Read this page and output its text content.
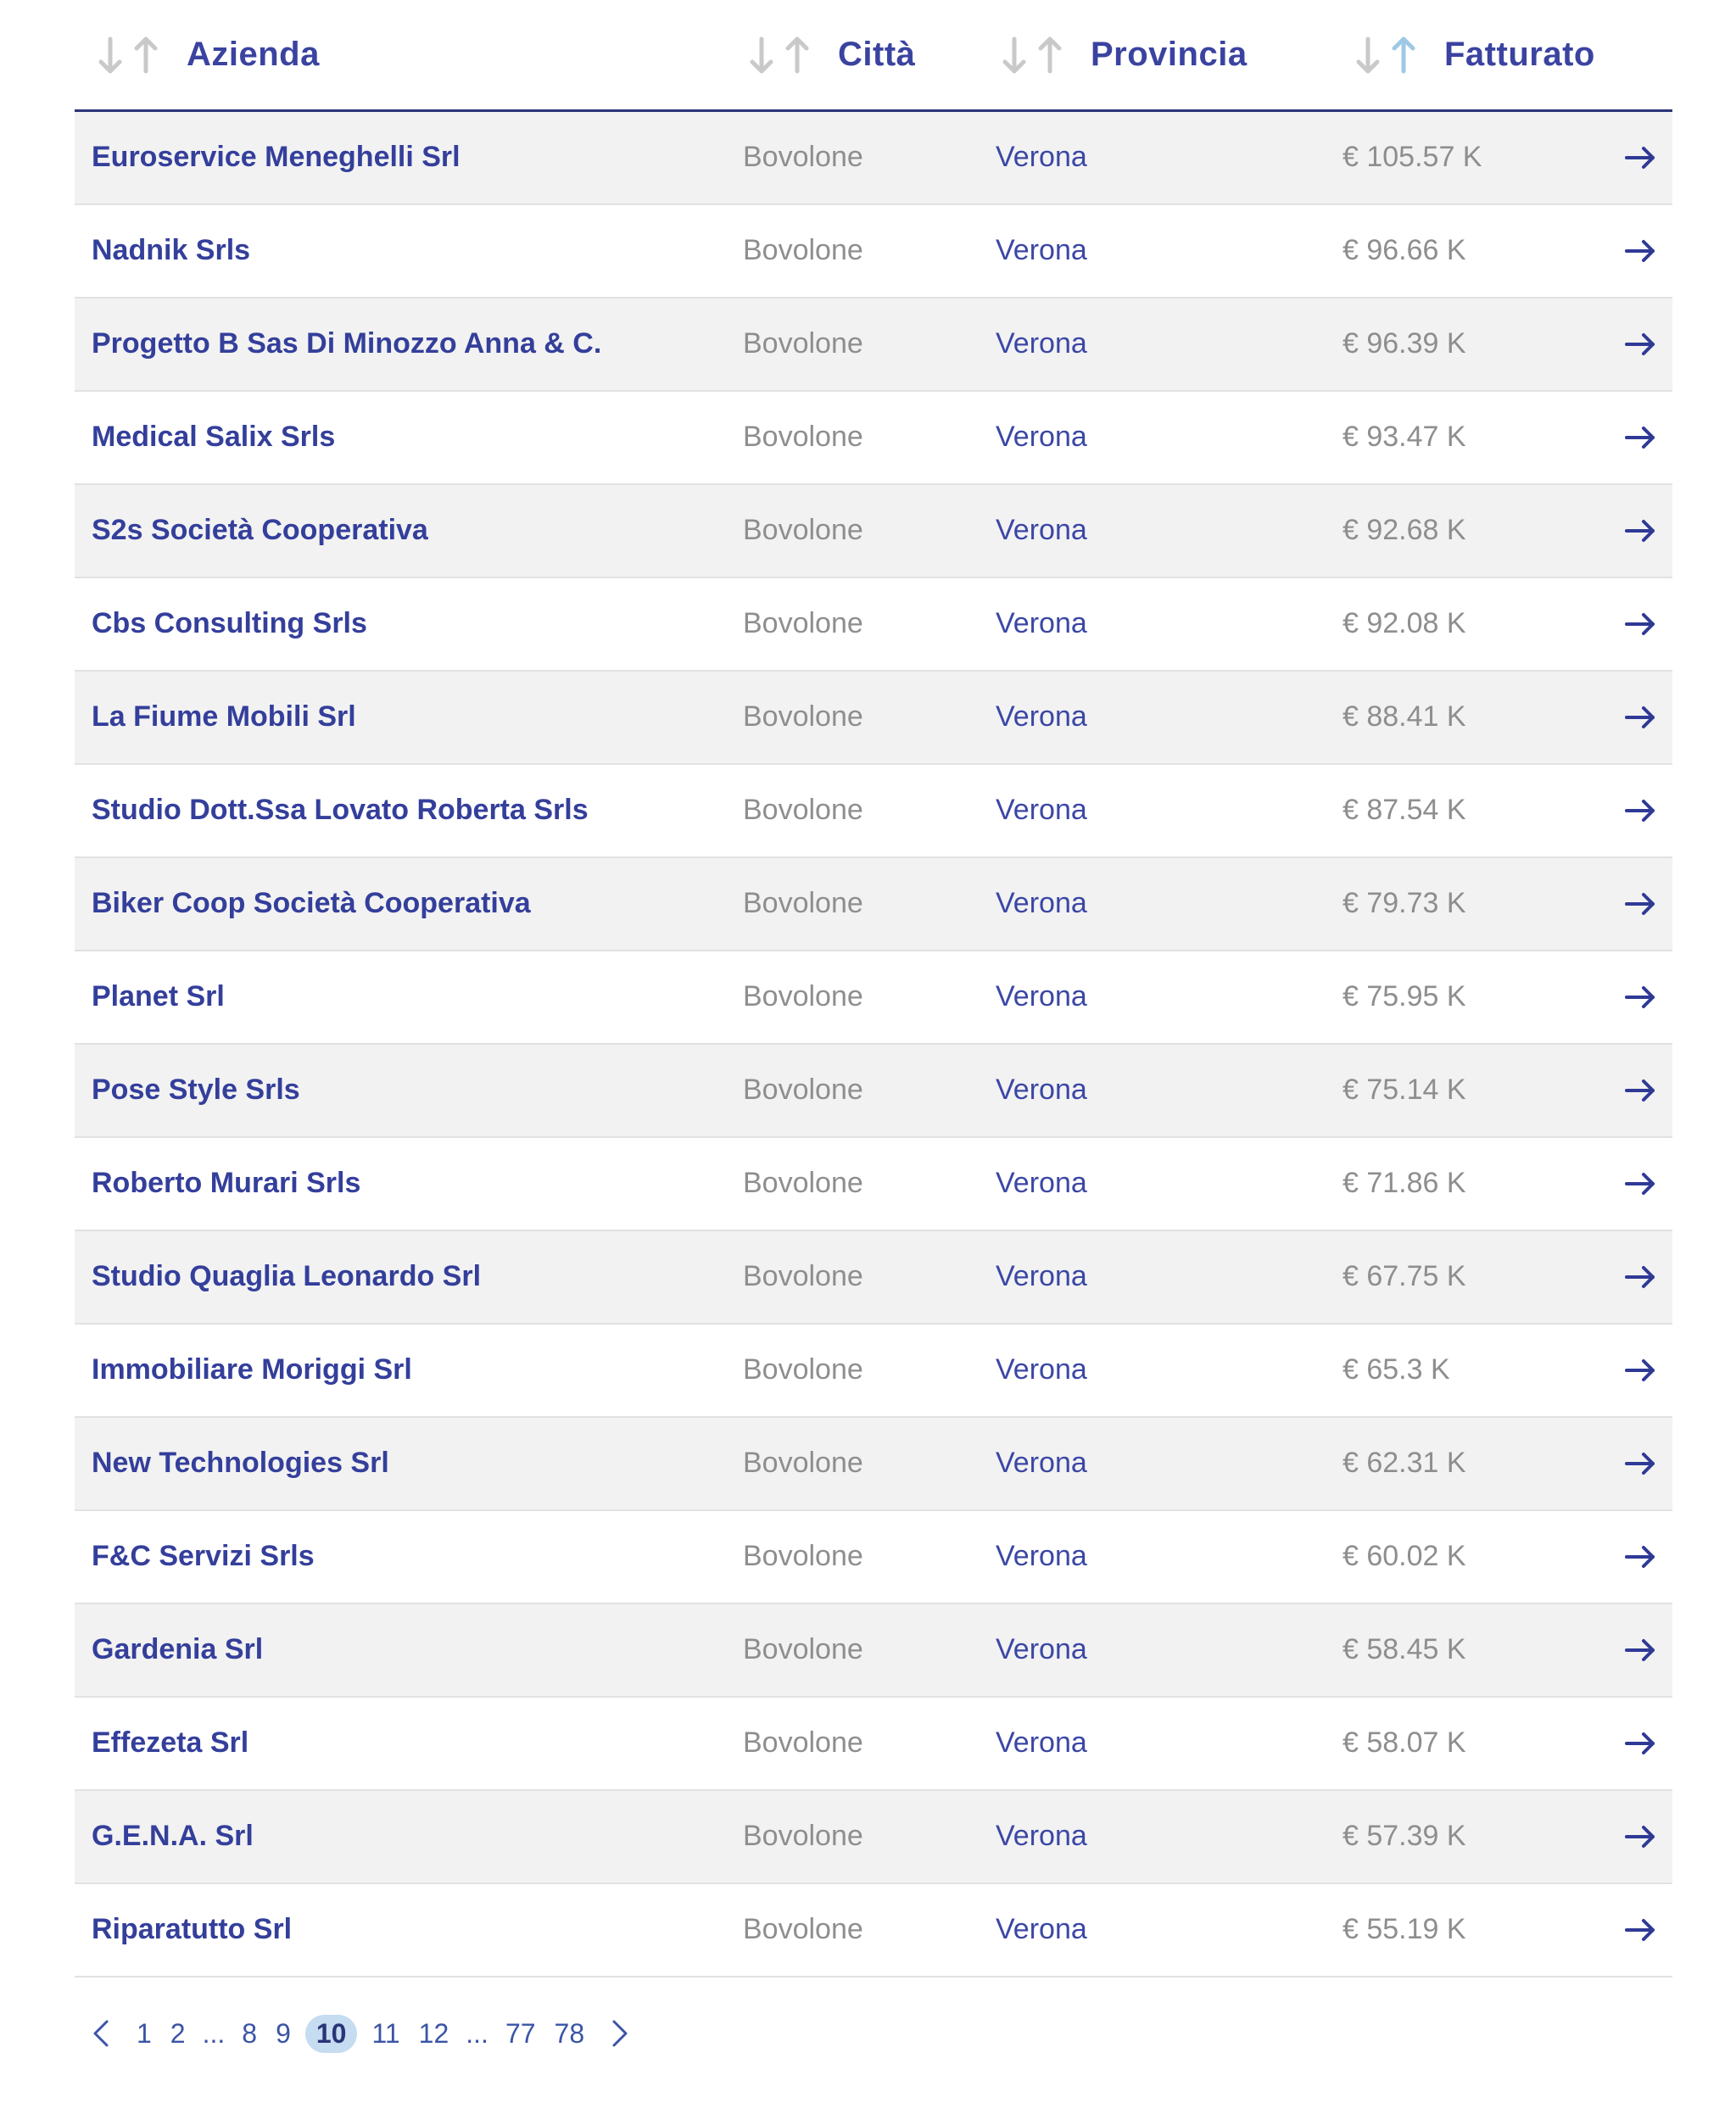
Azienda	Città	Provincia	Fatturato

Euroservice Meneghelli Srl	Bovolone	Verona	€ 105.57 K

Nadnik Srls	Bovolone	Verona	€ 96.66 K

Progetto B Sas Di Minozzo Anna & C.	Bovolone	Verona	€ 96.39 K

Medical Salix Srls	Bovolone	Verona	€ 93.47 K

S2s Società Cooperativa	Bovolone	Verona	€ 92.68 K

Cbs Consulting Srls	Bovolone	Verona	€ 92.08 K

La Fiume Mobili Srl	Bovolone	Verona	€ 88.41 K

Studio Dott.Ssa Lovato Roberta Srls	Bovolone	Verona	€ 87.54 K

Biker Coop Società Cooperativa	Bovolone	Verona	€ 79.73 K

Planet Srl	Bovolone	Verona	€ 75.95 K

Pose Style Srls	Bovolone	Verona	€ 75.14 K

Roberto Murari Srls	Bovolone	Verona	€ 71.86 K

Studio Quaglia Leonardo Srl	Bovolone	Verona	€ 67.75 K

Immobiliare Moriggi Srl	Bovolone	Verona	€ 65.3 K

New Technologies Srl	Bovolone	Verona	€ 62.31 K

F&C Servizi Srls	Bovolone	Verona	€ 60.02 K

Gardenia Srl	Bovolone	Verona	€ 58.45 K

Effezeta Srl	Bovolone	Verona	€ 58.07 K

G.E.N.A. Srl	Bovolone	Verona	€ 57.39 K

Riparatutto Srl	Bovolone	Verona	€ 55.19 K
1 2 ... 8 9 10 11 12 ... 77 78
